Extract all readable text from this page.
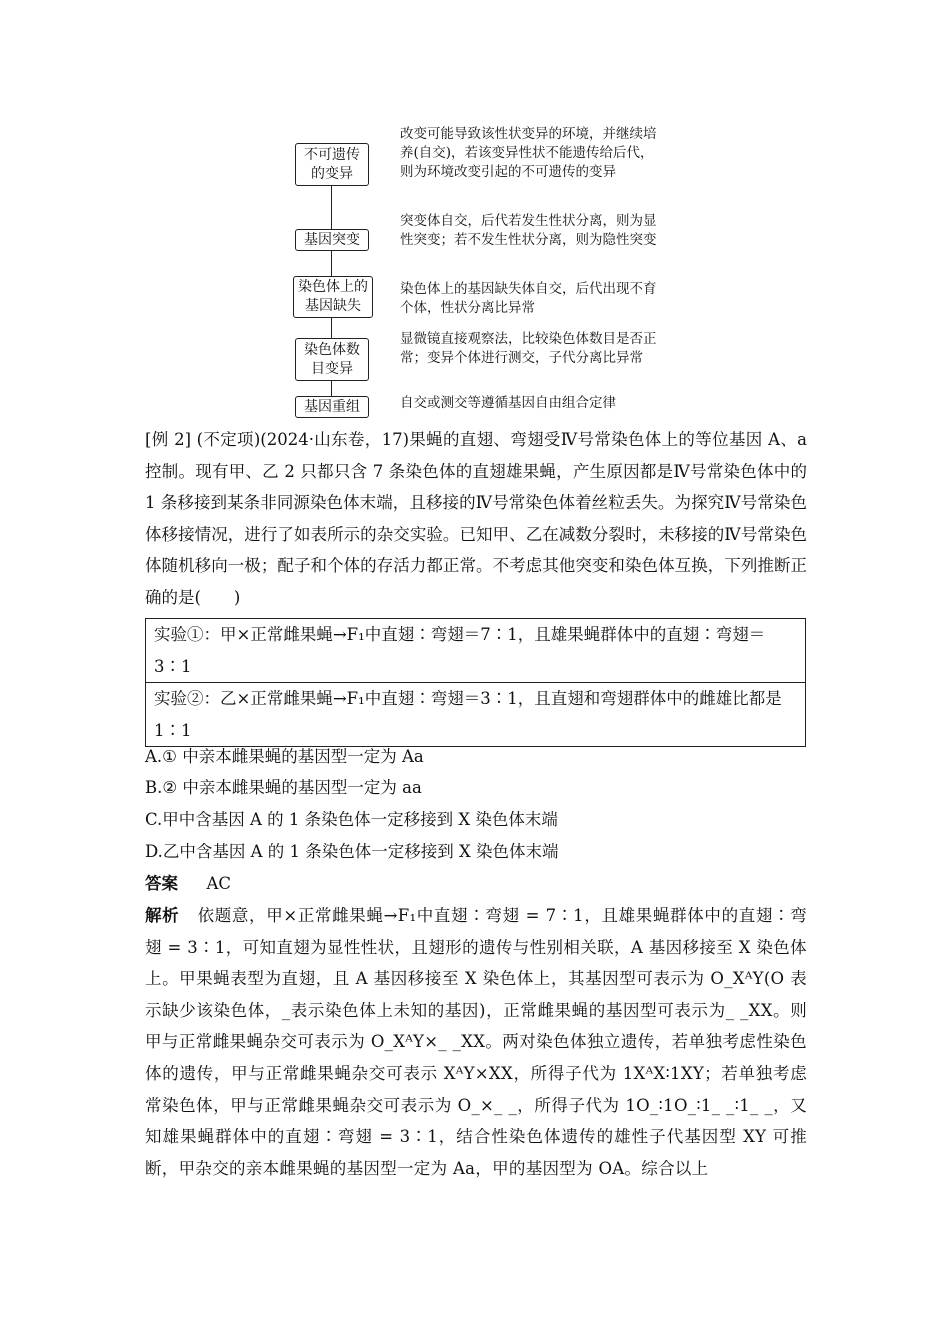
不可遗传
的变异
改变可能导致该性状变异的环境，并继续培养(自交)，若该变异性状不能遗传给后代，则为环境改变引起的不可遗传的变异
基因突变
突变体自交，后代若发生性状分离，则为显性突变；若不发生性状分离，则为隐性突变
染色体上的
基因缺失
染色体上的基因缺失体自交，后代出现不育个体，性状分离比异常
染色体数
目变异
显微镜直接观察法，比较染色体数目是否正常；变异个体进行测交，子代分离比异常
基因重组	自交或测交等遵循基因自由组合定律
[例 2] (不定项)(2024·山东卷，17)果蝇的直翅、弯翅受Ⅳ号常染色体上的等位基因 A、a 控制。现有甲、乙 2 只都只含 7 条染色体的直翅雄果蝇，产生原因都是Ⅳ号常染色体中的 1 条移接到某条非同源染色体末端，且移接的Ⅳ号常染色体着丝粒丢失。为探究Ⅳ号常染色体移接情况，进行了如表所示的杂交实验。已知甲、乙在减数分裂时，未移接的Ⅳ号常染色体随机移向一极；配子和个体的存活力都正常。不考虑其他突变和染色体互换，下列推断正确的是(　　)
实验①：甲×正常雌果蝇→F₁中直翅∶弯翅＝7∶1，且雄果蝇群体中的直翅∶弯翅＝3∶1
实验②：乙×正常雌果蝇→F₁中直翅∶弯翅＝3∶1，且直翅和弯翅群体中的雌雄比都是 1∶1
A.① 中亲本雌果蝇的基因型一定为 Aa
B.② 中亲本雌果蝇的基因型一定为 aa
C.甲中含基因 A 的 1 条染色体一定移接到 X 染色体末端
D.乙中含基因 A 的 1 条染色体一定移接到 X 染色体末端
答案 AC
解析 依题意，甲×正常雌果蝇→F₁中直翅∶弯翅 = 7∶1，且雄果蝇群体中的直翅∶弯翅 = 3∶1，可知直翅为显性性状，且翅形的遗传与性别相关联，A 基因移接至 X 染色体上。甲果蝇表型为直翅，且 A 基因移接至 X 染色体上，其基因型可表示为 O_XᴬY(O 表示缺少该染色体，_表示染色体上未知的基因)，正常雌果蝇的基因型可表示为_ _XX。则甲与正常雌果蝇杂交可表示为 O_XᴬY×_ _XX。两对染色体独立遗传，若单独考虑性染色体的遗传，甲与正常雌果蝇杂交可表示 XᴬY×XX，所得子代为 1XᴬX∶1XY；若单独考虑常染色体，甲与正常雌果蝇杂交可表示为 O_×_ _，所得子代为 1O_∶1O_∶1_ _∶1_ _，又知雄果蝇群体中的直翅∶弯翅 = 3∶1，结合性染色体遗传的雄性子代基因型 XY 可推断，甲杂交的亲本雌果蝇的基因型一定为 Aa，甲的基因型为 OA。综合以上
